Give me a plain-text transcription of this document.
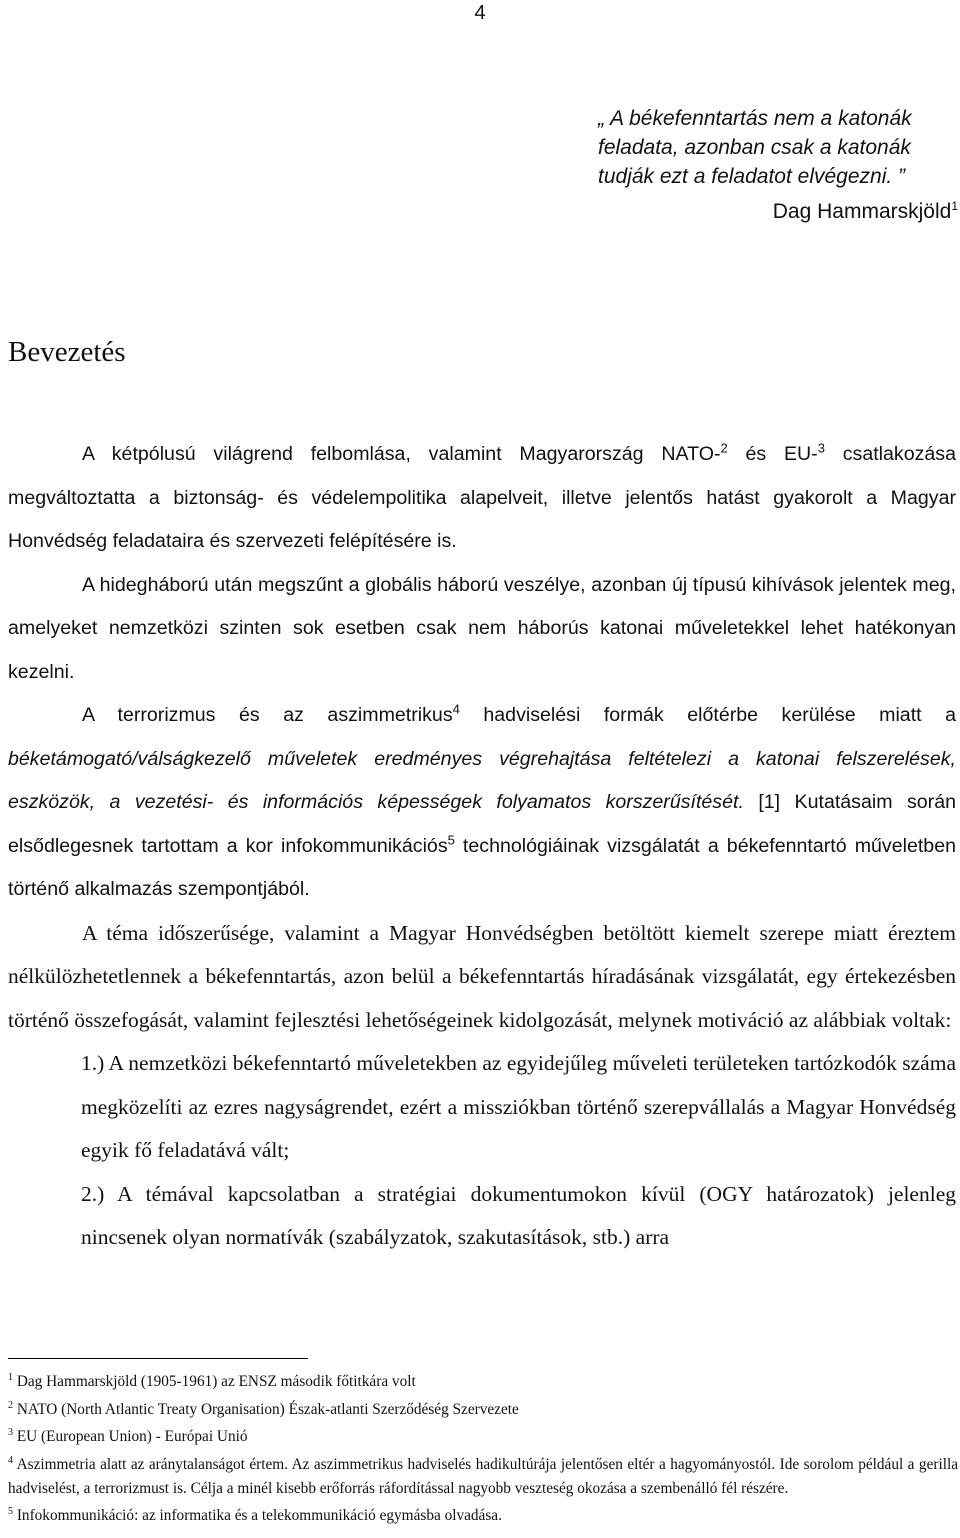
4
„ A békefenntartás nem a katonák feladata, azonban csak a katonák tudják ezt a feladatot elvégezni. ”
Dag Hammarskjöld$^1$
Bevezetés

A kétpólusú világrend felbomlása, valamint Magyarország NATO-$^2$ és EU-$^3$ csatlakozása megváltoztatta a biztonság- és védelempolitika alapelveit, illetve jelentős hatást gyakorolt a Magyar Honvédség feladataira és szervezeti felépítésére is.

A hidegháború után megszűnt a globális háború veszélye, azonban új típusú kihívások jelentek meg, amelyeket nemzetközi szinten sok esetben csak nem háborús katonai műveletekkel lehet hatékonyan kezelni.

A terrorizmus és az aszimmetrikus$^4$ hadviselési formák előtérbe kerülése miatt a béketámogató/válságkezelő műveletek eredményes végrehajtása feltételezi a katonai felszerelések, eszközök, a vezetési- és információs képességek folyamatos korszerűsítését. [1] Kutatásaim során elsődlegesnek tartottam a kor infokommunikációs$^5$ technológiáinak vizsgálatát a békefenntartó műveletben történő alkalmazás szempontjából.

A téma időszerűsége, valamint a Magyar Honvédségben betöltött kiemelt szerepe miatt éreztem nélkülözhetetlennek a békefenntartás, azon belül a békefenntartás híradásának vizsgálatát, egy értekezésben történő összefogását, valamint fejlesztési lehetőségeinek kidolgozását, melynek motiváció az alábbiak voltak:

1.) A nemzetközi békefenntartó műveletekben az egyidejűleg műveleti területeken tartózkodók száma megközelíti az ezres nagyságrendet, ezért a missziókban történő szerepvállalás a Magyar Honvédség egyik fő feladatává vált;

2.) A témával kapcsolatban a stratégiai dokumentumokon kívül (OGY határozatok) jelenleg nincsenek olyan normatívák (szabályzatok, szakutasítások, stb.) arra

$^1$ Dag Hammarskjöld (1905-1961) az ENSZ második főtitkára volt

$^2$ NATO (North Atlantic Treaty Organisation) Észak-atlanti Szerződéség Szervezete

$^3$ EU (European Union) - Európai Unió

$^4$ Aszimmetria alatt az aránytalanságot értem. Az aszimmetrikus hadviselés hadikultúrája jelentősen eltér a hagyományostól. Ide sorolom például a gerilla hadviselést, a terrorizmust is. Célja a minél kisebb erőforrás ráfordítással nagyobb veszteség okozása a szembenálló fél részére.

$^5$ Infokommunikáció: az informatika és a telekommunikáció egymásba olvadása.
